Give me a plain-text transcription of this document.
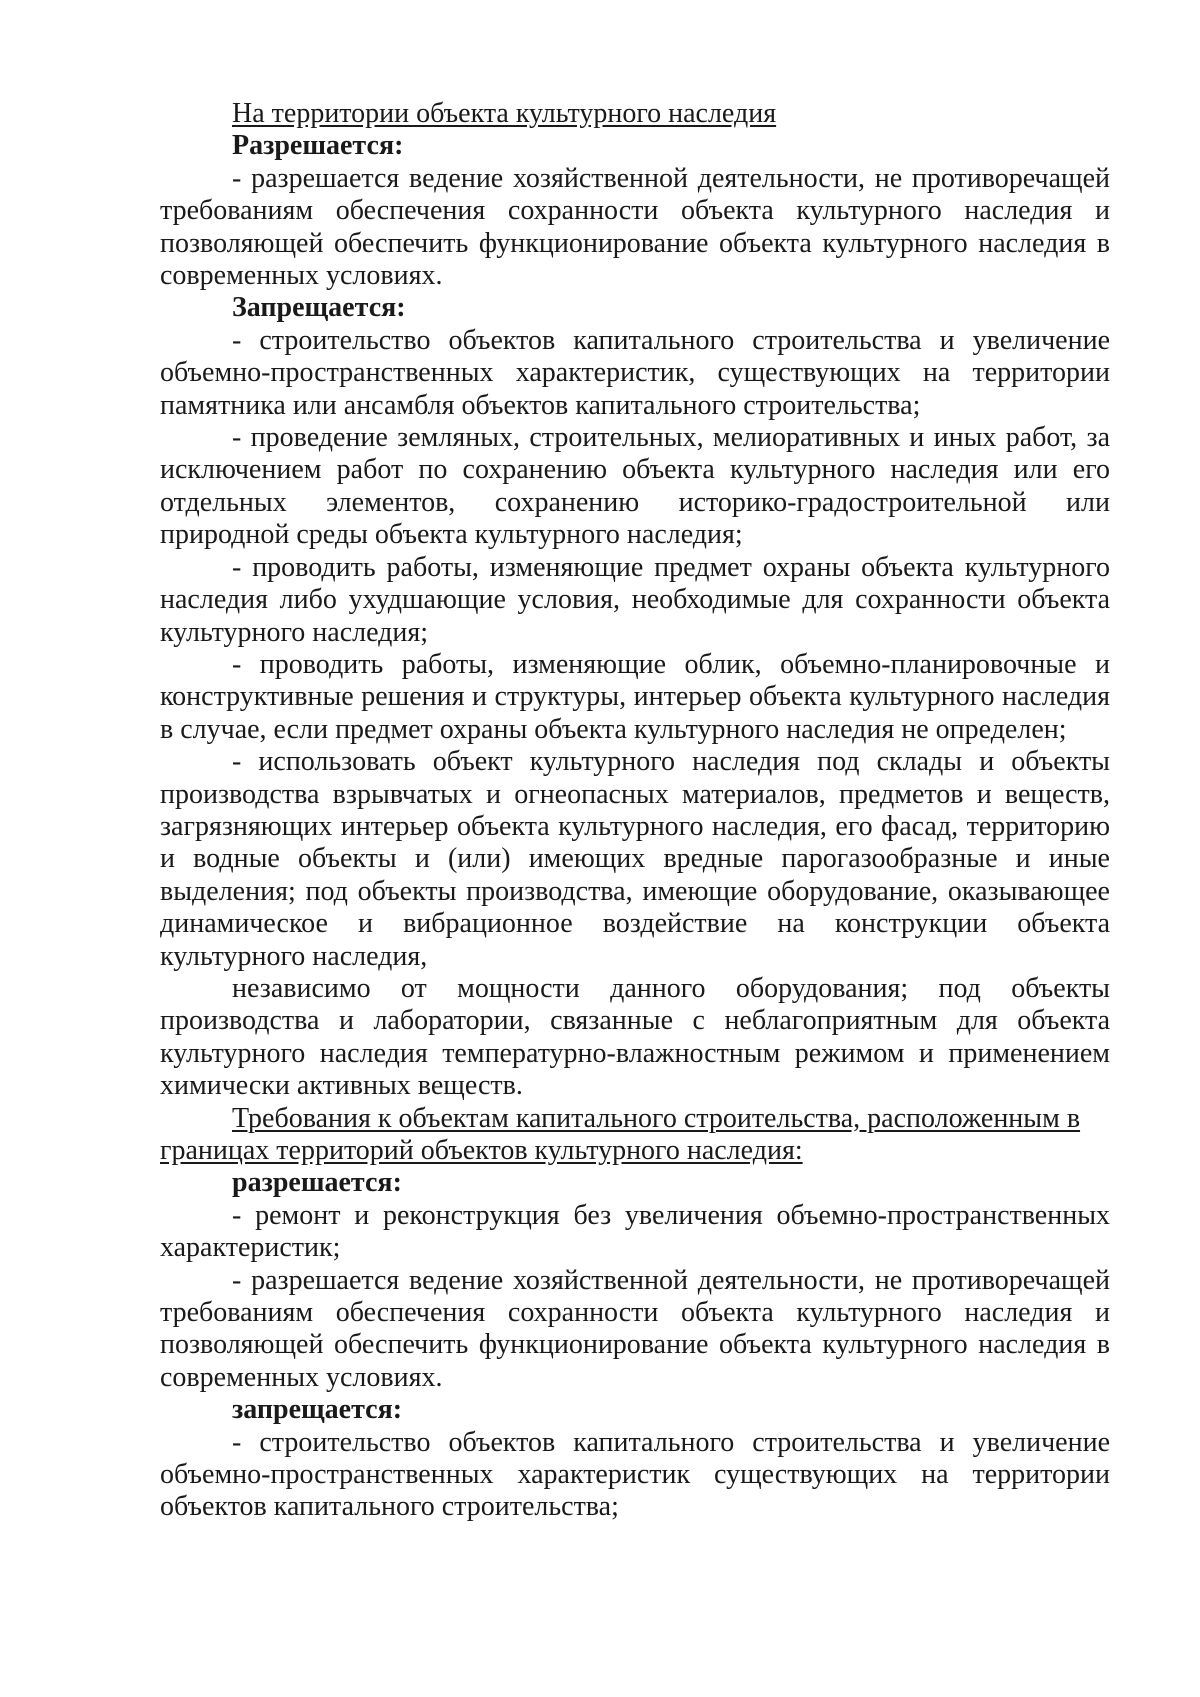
На территории объекта культурного наследия

Разрешается:

- разрешается ведение хозяйственной деятельности, не противоречащей требованиям обеспечения сохранности объекта культурного наследия и позволяющей обеспечить функционирование объекта культурного наследия в современных условиях.

Запрещается:

- строительство объектов капитального строительства и увеличение объемно-пространственных характеристик, существующих на территории памятника или ансамбля объектов капитального строительства;

- проведение земляных, строительных, мелиоративных и иных работ, за исключением работ по сохранению объекта культурного наследия или его отдельных элементов, сохранению историко-градостроительной или природной среды объекта культурного наследия;

- проводить работы, изменяющие предмет охраны объекта культурного наследия либо ухудшающие условия, необходимые для сохранности объекта культурного наследия;

- проводить работы, изменяющие облик, объемно-планировочные и конструктивные решения и структуры, интерьер объекта культурного наследия в случае, если предмет охраны объекта культурного наследия не определен;

- использовать объект культурного наследия под склады и объекты производства взрывчатых и огнеопасных материалов, предметов и веществ, загрязняющих интерьер объекта культурного наследия, его фасад, территорию и водные объекты и (или) имеющих вредные парогазообразные и иные выделения; под объекты производства, имеющие оборудование, оказывающее динамическое и вибрационное воздействие на конструкции объекта культурного наследия,

независимо от мощности данного оборудования; под объекты производства и лаборатории, связанные с неблагоприятным для объекта культурного наследия температурно-влажностным режимом и применением химически активных веществ.

Требования к объектам капитального строительства, расположенным в границах территорий объектов культурного наследия:

разрешается:

- ремонт и реконструкция без увеличения объемно-пространственных характеристик;

- разрешается ведение хозяйственной деятельности, не противоречащей требованиям обеспечения сохранности объекта культурного наследия и позволяющей обеспечить функционирование объекта культурного наследия в современных условиях.

запрещается:

- строительство объектов капитального строительства и увеличение объемно-пространственных характеристик существующих на территории объектов капитального строительства;
